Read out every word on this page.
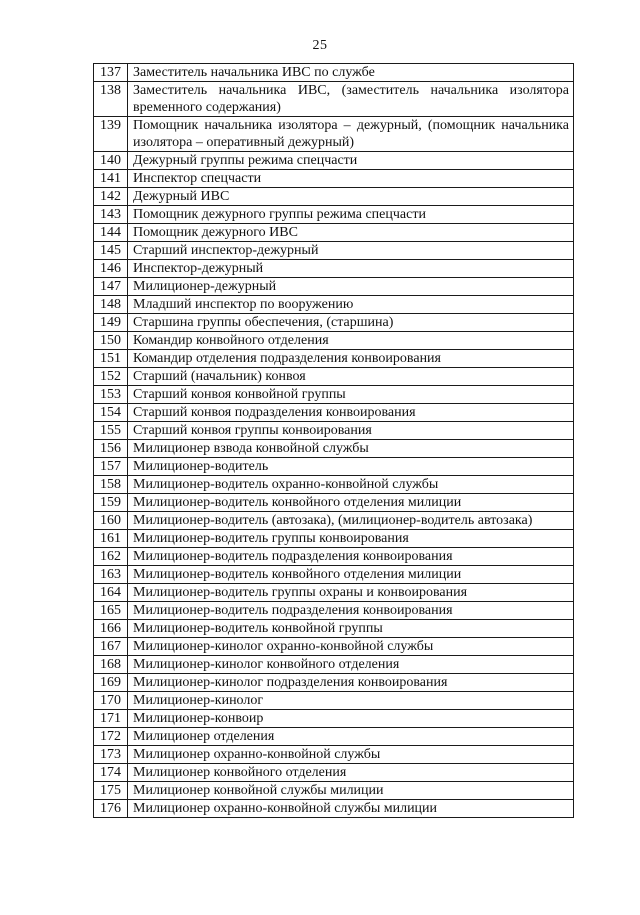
25
137	Заместитель начальника ИВС по службе
138	Заместитель начальника ИВС, (заместитель начальника изолятора временного содержания)
139	Помощник начальника изолятора – дежурный, (помощник начальника изолятора – оперативный дежурный)
140	Дежурный группы режима спецчасти
141	Инспектор спецчасти
142	Дежурный ИВС
143	Помощник дежурного группы режима спецчасти
144	Помощник дежурного ИВС
145	Старший инспектор-дежурный
146	Инспектор-дежурный
147	Милиционер-дежурный
148	Младший инспектор по вооружению
149	Старшина группы обеспечения, (старшина)
150	Командир конвойного отделения
151	Командир отделения подразделения конвоирования
152	Старший (начальник) конвоя
153	Старший конвоя конвойной группы
154	Старший конвоя подразделения конвоирования
155	Старший конвоя группы конвоирования
156	Милиционер взвода конвойной службы
157	Милиционер-водитель
158	Милиционер-водитель охранно-конвойной службы
159	Милиционер-водитель конвойного отделения милиции
160	Милиционер-водитель (автозака), (милиционер-водитель автозака)
161	Милиционер-водитель группы конвоирования
162	Милиционер-водитель подразделения конвоирования
163	Милиционер-водитель конвойного отделения милиции
164	Милиционер-водитель группы охраны и конвоирования
165	Милиционер-водитель подразделения конвоирования
166	Милиционер-водитель конвойной группы
167	Милиционер-кинолог охранно-конвойной службы
168	Милиционер-кинолог конвойного отделения
169	Милиционер-кинолог подразделения конвоирования
170	Милиционер-кинолог
171	Милиционер-конвоир
172	Милиционер отделения
173	Милиционер охранно-конвойной службы
174	Милиционер конвойного отделения
175	Милиционер конвойной службы милиции
176	Милиционер охранно-конвойной службы милиции
